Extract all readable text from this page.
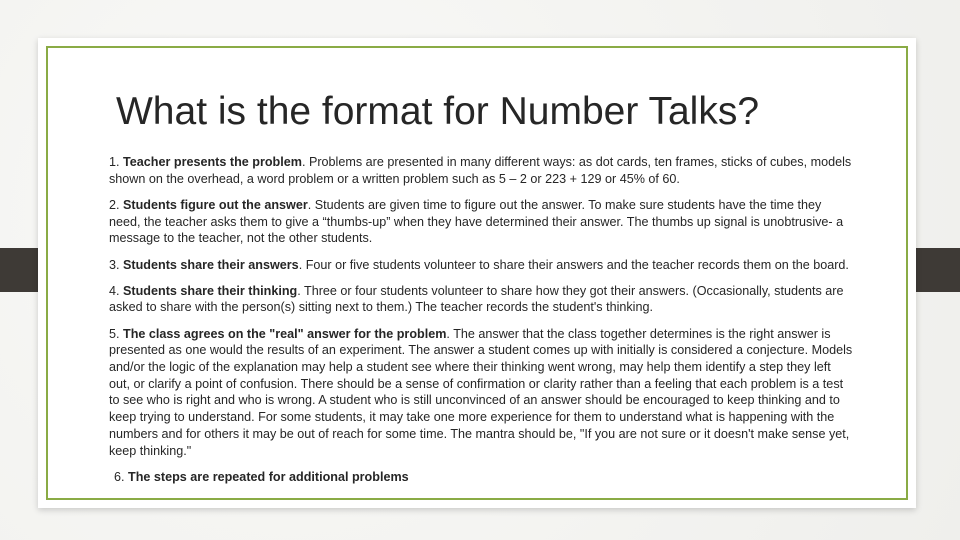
What is the format for Number Talks?

1. Teacher presents the problem. Problems are presented in many different ways: as dot cards, ten frames, sticks of cubes, models shown on the overhead, a word problem or a written problem such as 5 – 2 or 223 + 129 or 45% of 60.

2. Students figure out the answer. Students are given time to figure out the answer. To make sure students have the time they need, the teacher asks them to give a “thumbs-up” when they have determined their answer. The thumbs up signal is unobtrusive- a message to the teacher, not the other students.

3. Students share their answers. Four or five students volunteer to share their answers and the teacher records them on the board.

4. Students share their thinking. Three or four students volunteer to share how they got their answers. (Occasionally, students are asked to share with the person(s) sitting next to them.) The teacher records the student's thinking.

5. The class agrees on the "real" answer for the problem. The answer that the class together determines is the right answer is presented as one would the results of an experiment. The answer a student comes up with initially is considered a conjecture. Models and/or the logic of the explanation may help a student see where their thinking went wrong, may help them identify a step they left out, or clarify a point of confusion. There should be a sense of confirmation or clarity rather than a feeling that each problem is a test to see who is right and who is wrong. A student who is still unconvinced of an answer should be encouraged to keep thinking and to keep trying to understand. For some students, it may take one more experience for them to understand what is happening with the numbers and for others it may be out of reach for some time. The mantra should be, "If you are not sure or it doesn't make sense yet, keep thinking."

6. The steps are repeated for additional problems
